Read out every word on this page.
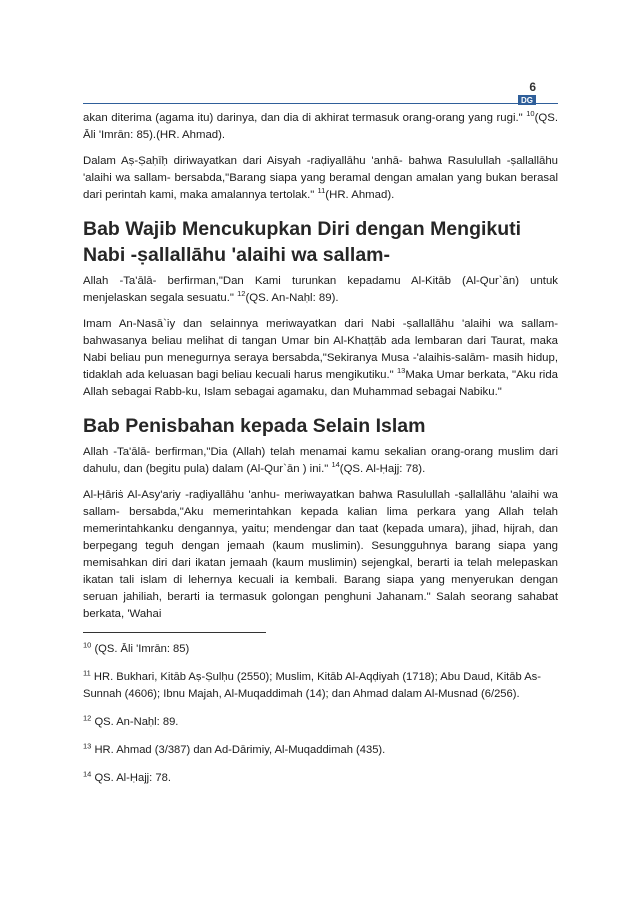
6
DG

akan diterima (agama itu) darinya, dan dia di akhirat termasuk orang-orang yang rugi." $^{10}$(QS. Āli 'Imrān: 85).(HR. Ahmad).

Dalam Aṣ-Ṣaḥīḥ diriwayatkan dari Aisyah -raḍiyallāhu 'anhā- bahwa Rasulullah -ṣallallāhu 'alaihi wa sallam- bersabda,"Barang siapa yang beramal dengan amalan yang bukan berasal dari perintah kami, maka amalannya tertolak." $^{11}$(HR. Ahmad).

Bab Wajib Mencukupkan Diri dengan Mengikuti Nabi -ṣallallāhu 'alaihi wa sallam-

Allah -Ta'ālā- berfirman,"Dan Kami turunkan kepadamu Al-Kitāb (Al-Qur`ān) untuk menjelaskan segala sesuatu." $^{12}$(QS. An-Naḥl: 89).

Imam An-Nasā`iy dan selainnya meriwayatkan dari Nabi -ṣallallāhu 'alaihi wa sallam- bahwasanya beliau melihat di tangan Umar bin Al-Khaṭṭāb ada lembaran dari Taurat, maka Nabi beliau pun menegurnya seraya bersabda,"Sekiranya Musa -'alaihis-salām- masih hidup, tidaklah ada keluasan bagi beliau kecuali harus mengikutiku." $^{13}$Maka Umar berkata, "Aku rida Allah sebagai Rabb-ku, Islam sebagai agamaku, dan Muhammad sebagai Nabiku."

Bab Penisbahan kepada Selain Islam

Allah -Ta'ālā- berfirman,"Dia (Allah) telah menamai kamu sekalian orang-orang muslim dari dahulu, dan (begitu pula) dalam (Al-Qur`ān ) ini." $^{14}$(QS. Al-Ḥajj: 78).

Al-Ḥāriṡ Al-Asy'ariy -raḍiyallāhu 'anhu- meriwayatkan bahwa Rasulullah -ṣallallāhu 'alaihi wa sallam- bersabda,"Aku memerintahkan kepada kalian lima perkara yang Allah telah memerintahkanku dengannya, yaitu; mendengar dan taat (kepada umara), jihad, hijrah, dan berpegang teguh dengan jemaah (kaum muslimin). Sesungguhnya barang siapa yang memisahkan diri dari ikatan jemaah (kaum muslimin) sejengkal, berarti ia telah melepaskan ikatan tali islam di lehernya kecuali ia kembali. Barang siapa yang menyerukan dengan seruan jahiliah, berarti ia termasuk golongan penghuni Jahanam." Salah seorang sahabat berkata, 'Wahai

$^{10}$ (QS. Āli 'Imrān: 85)

$^{11}$ HR. Bukhari, Kitāb Aṣ-Ṣulḥu (2550); Muslim, Kitāb Al-Aqḍiyah (1718); Abu Daud, Kitāb As-Sunnah (4606); Ibnu Majah, Al-Muqaddimah (14); dan Ahmad dalam Al-Musnad (6/256).

$^{12}$ QS. An-Naḥl: 89.

$^{13}$ HR. Ahmad (3/387) dan Ad-Dārimiy, Al-Muqaddimah (435).

$^{14}$ QS. Al-Ḥajj: 78.
